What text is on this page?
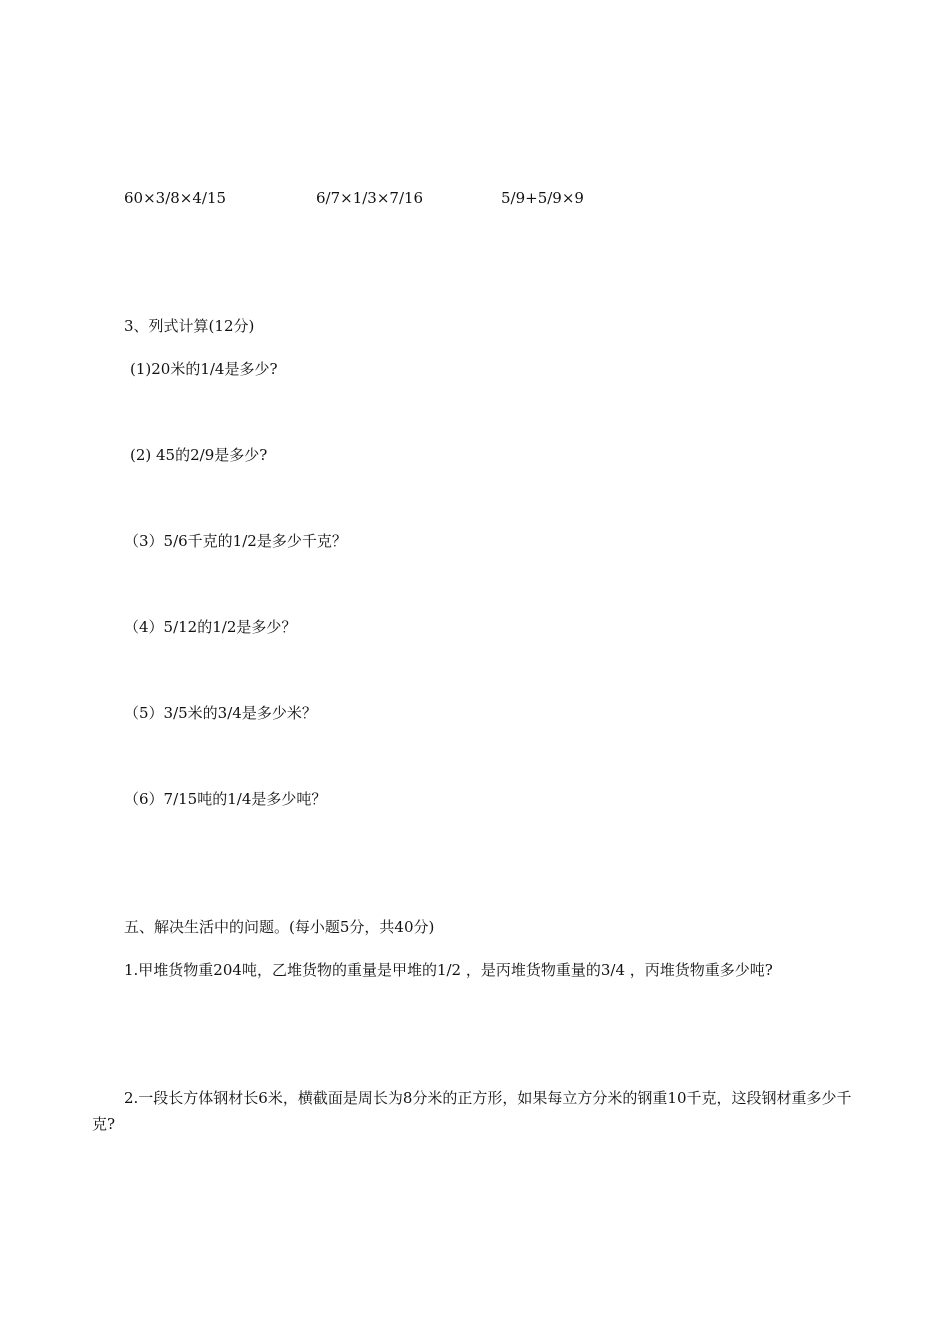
60×3/8×4/15	6/7×1/3×7/16	5/9+5/9×9
3、列式计算(12分)
(1)20米的1/4是多少?
(2) 45的2/9是多少?
（3）5/6千克的1/2是多少千克？
（4）5/12的1/2是多少？
（5）3/5米的3/4是多少米？
（6）7/15吨的1/4是多少吨？
五、解决生活中的问题。(每小题5分，共40分)
1.甲堆货物重204吨，乙堆货物的重量是甲堆的1/2 ，是丙堆货物重量的3/4 ，丙堆货物重多少吨?
2.一段长方体钢材长6米，横截面是周长为8分米的正方形，如果每立方分米的钢重10千克，这段钢材重多少千克?
